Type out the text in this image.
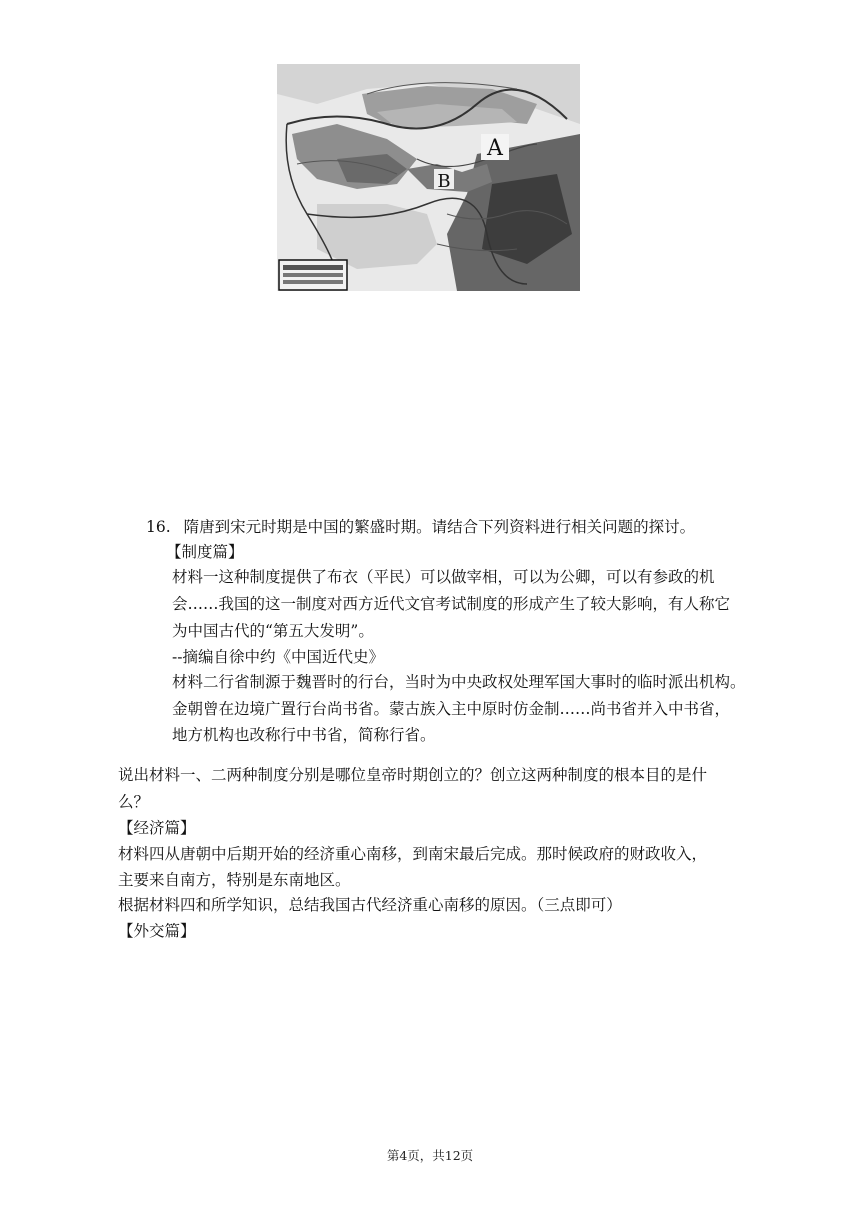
A
B
16. 隋唐到宋元时期是中国的繁盛时期。请结合下列资料进行相关问题的探讨。
【制度篇】
材料一这种制度提供了布衣（平民）可以做宰相，可以为公卿，可以有参政的机
会……我国的这一制度对西方近代文官考试制度的形成产生了较大影响，有人称它
为中国古代的“第五大发明”。
--摘编自徐中约《中国近代史》
材料二行省制源于魏晋时的行台，当时为中央政权处理军国大事时的临时派出机构。
金朝曾在边境广置行台尚书省。蒙古族入主中原时仿金制……尚书省并入中书省，
地方机构也改称行中书省，简称行省。
说出材料一、二两种制度分别是哪位皇帝时期创立的？创立这两种制度的根本目的是什
么？
【经济篇】
材料四从唐朝中后期开始的经济重心南移，到南宋最后完成。那时候政府的财政收入，
主要来自南方，特别是东南地区。
根据材料四和所学知识，总结我国古代经济重心南移的原因。（三点即可）
【外交篇】
第4页，共12页
